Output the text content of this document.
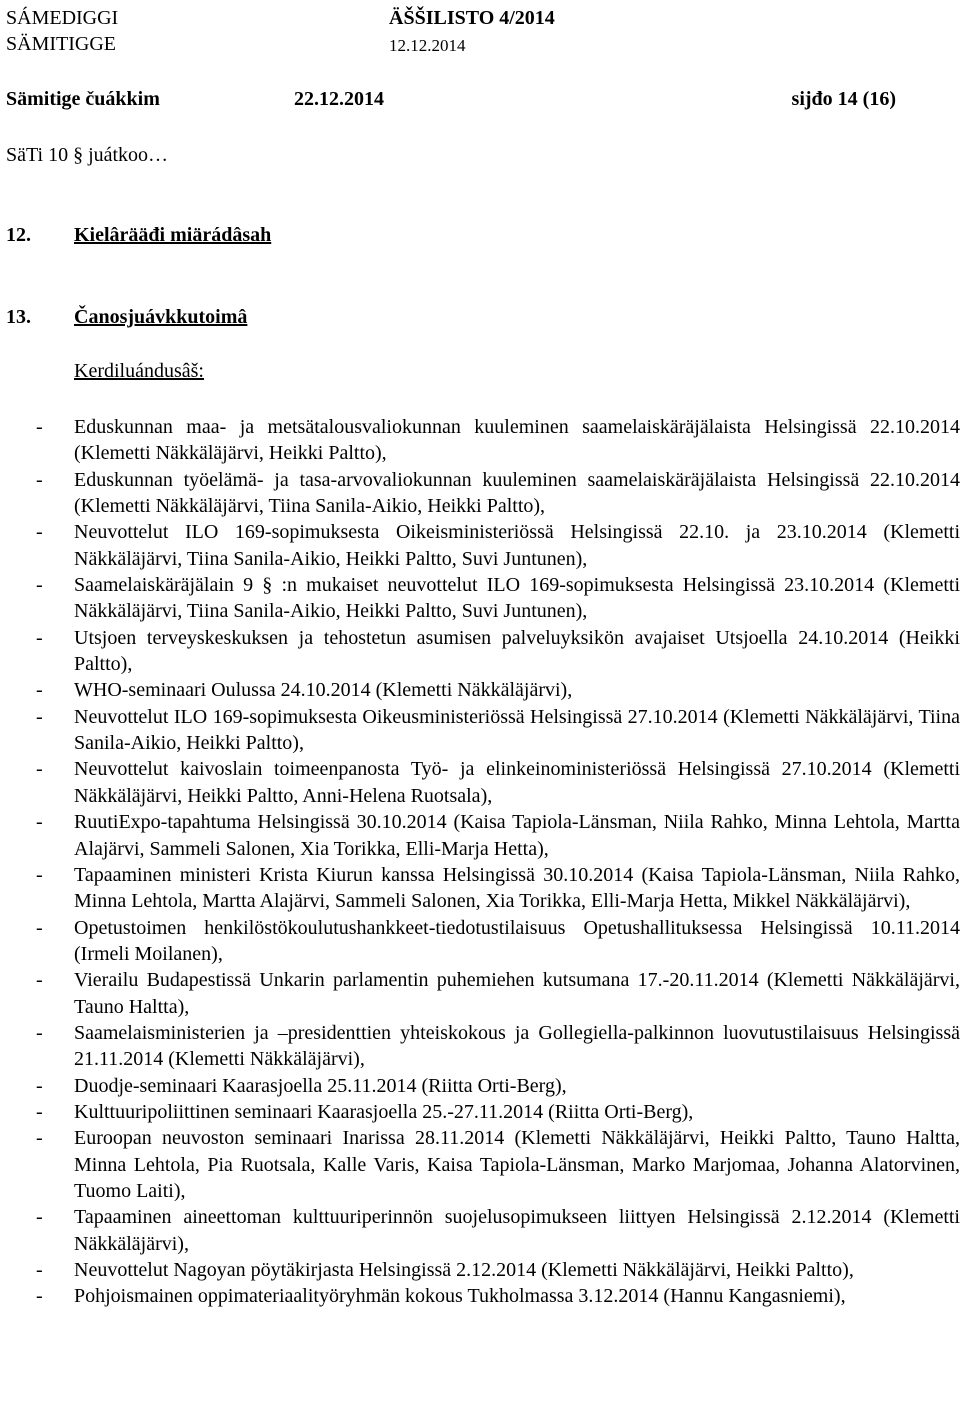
SÁMEDIGGI
SÄMITIGGE
ÄŠŠILISTO 4/2014
12.12.2014
Sämitige čuákkim	22.12.2014	sijđo 14 (16)
SäTi 10 § juátkoo…
12. Kielârääđi miärádâsah
13. Čanosjuávkkutoimâ
Kerdiluándusâš:
- Eduskunnan maa- ja metsätalousvaliokunnan kuuleminen saamelaiskäräjälaista Helsingissä 22.10.2014 (Klemetti Näkkäläjärvi, Heikki Paltto),
- Eduskunnan työelämä- ja tasa-arvovaliokunnan kuuleminen saamelaiskäräjälaista Helsingissä 22.10.2014 (Klemetti Näkkäläjärvi, Tiina Sanila-Aikio, Heikki Paltto),
- Neuvottelut ILO 169-sopimuksesta Oikeisministeriössä Helsingissä 22.10. ja 23.10.2014 (Klemetti Näkkäläjärvi, Tiina Sanila-Aikio, Heikki Paltto, Suvi Juntunen),
- Saamelaiskäräjälain 9 § :n mukaiset neuvottelut ILO 169-sopimuksesta Helsingissä 23.10.2014 (Klemetti Näkkäläjärvi, Tiina Sanila-Aikio, Heikki Paltto, Suvi Juntunen),
- Utsjoen terveyskeskuksen ja tehostetun asumisen palveluyksikön avajaiset Utsjoella 24.10.2014 (Heikki Paltto),
- WHO-seminaari Oulussa 24.10.2014 (Klemetti Näkkäläjärvi),
- Neuvottelut ILO 169-sopimuksesta Oikeusministeriössä Helsingissä 27.10.2014 (Klemetti Näkkäläjärvi, Tiina Sanila-Aikio, Heikki Paltto),
- Neuvottelut kaivoslain toimeenpanosta Työ- ja elinkeinoministeriössä Helsingissä 27.10.2014 (Klemetti Näkkäläjärvi, Heikki Paltto, Anni-Helena Ruotsala),
- RuutiExpo-tapahtuma Helsingissä 30.10.2014 (Kaisa Tapiola-Länsman, Niila Rahko, Minna Lehtola, Martta Alajärvi, Sammeli Salonen, Xia Torikka, Elli-Marja Hetta),
- Tapaaminen ministeri Krista Kiurun kanssa Helsingissä 30.10.2014 (Kaisa Tapiola-Länsman, Niila Rahko, Minna Lehtola, Martta Alajärvi, Sammeli Salonen, Xia Torikka, Elli-Marja Hetta, Mikkel Näkkäläjärvi),
- Opetustoimen henkilöstökoulutushankkeet-tiedotustilaisuus Opetushallituksessa Helsingissä 10.11.2014 (Irmeli Moilanen),
- Vierailu Budapestissä Unkarin parlamentin puhemiehen kutsumana 17.-20.11.2014 (Klemetti Näkkäläjärvi, Tauno Haltta),
- Saamelaisministerien ja –presidenttien yhteiskokous ja Gollegiella-palkinnon luovutustilaisuus Helsingissä 21.11.2014 (Klemetti Näkkäläjärvi),
- Duodje-seminaari Kaarasjoella 25.11.2014 (Riitta Orti-Berg),
- Kulttuuripoliittinen seminaari Kaarasjoella 25.-27.11.2014 (Riitta Orti-Berg),
- Euroopan neuvoston seminaari Inarissa 28.11.2014 (Klemetti Näkkäläjärvi, Heikki Paltto, Tauno Haltta, Minna Lehtola, Pia Ruotsala, Kalle Varis, Kaisa Tapiola-Länsman, Marko Marjomaa, Johanna Alatorvinen, Tuomo Laiti),
- Tapaaminen aineettoman kulttuuriperinnön suojelusopimukseen liittyen Helsingissä 2.12.2014 (Klemetti Näkkäläjärvi),
- Neuvottelut Nagoyan pöytäkirjasta Helsingissä 2.12.2014 (Klemetti Näkkäläjärvi, Heikki Paltto),
- Pohjoismainen oppimateriaalityöryhmän kokous Tukholmassa 3.12.2014 (Hannu Kangasniemi),
